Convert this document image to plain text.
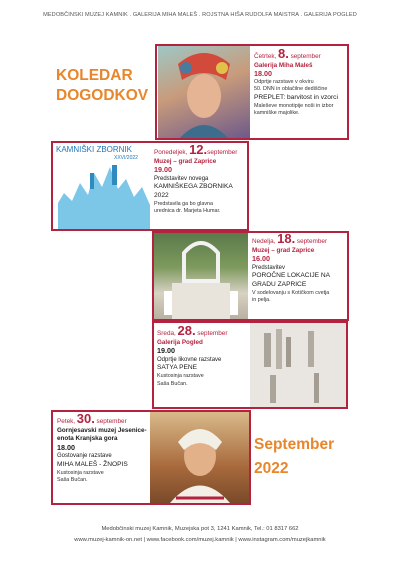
MEDOBČINSKI MUZEJ KAMNIK . GALERIJA MIHA MALEŠ . ROJSTNA HIŠA RUDOLFA MAISTRA . GALERIJA POGLED
KOLEDAR
DOGODKOV
Četrtek, 8. september
Galerija Miha Maleš
18.00
Odprtje razstave v okviru
50. DNN in oblačilne dediščine
PREPLET: barvitost in vzorci
Maleševe monotipije noši in izbor
kamniške majolike.
KAMNIŠKI ZBORNIK
XXVI/2022
Ponedeljek, 12.september
Muzej – grad Zaprice
19.00
Predstavitev novega
KAMNIŠKEGA ZBORNIKA 2022
Predstavila ga bo glavna
urednica dr. Marjeta Humar.
Nedelja, 18. september
Muzej – grad Zaprice
16.00
Predstavitev
POROČNE LOKACIJE NA GRADU ZAPRICE
V sodelovanju s Kotičkom cvetja
in pelja.
Sreda, 28. september
Galerija Pogled
19.00
Odprtje likovne razstave
SATYA PENE
Kustosinja razstave
Saša Bučan.
Petek, 30. september
Gornjesavski muzej Jesenice-enota Kranjska gora
18.00
Gostovanje razstave
MIHA MALEŠ - ŽNOPIS
Kustosinja razstave
Saša Bučan.
September
2022
Medobčinski muzej Kamnik, Muzejska pot 3, 1241 Kamnik, Tel.: 01 8317 662
www.muzej-kamnik-on.net | www.facebook.com/muzej.kamnik | www.instagram.com/muzejkamnik
